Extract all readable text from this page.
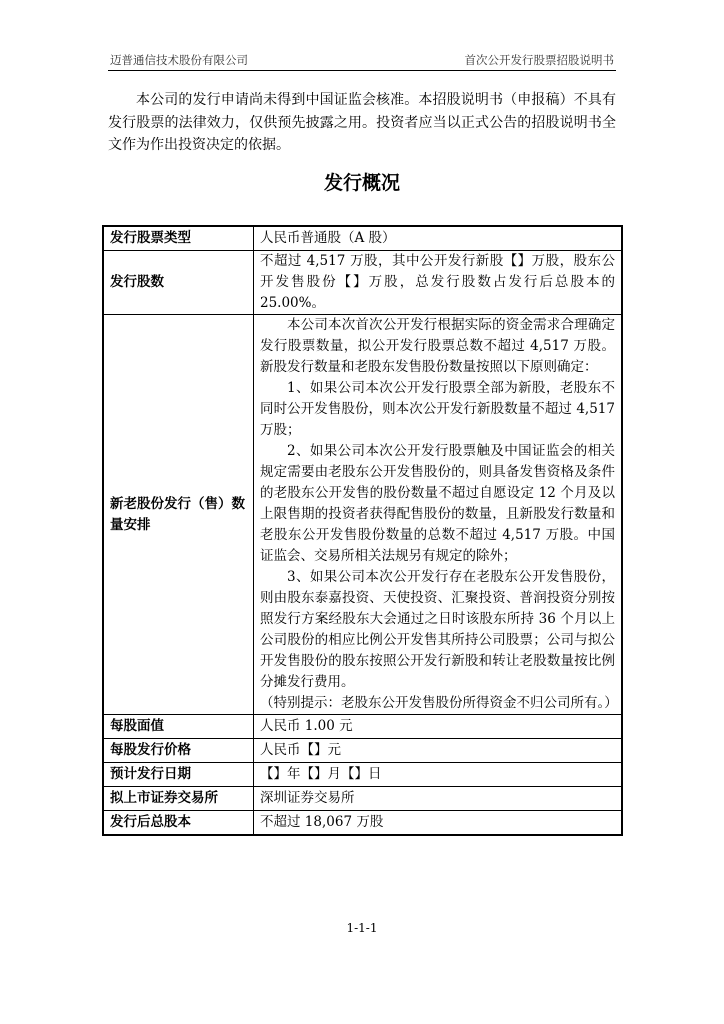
迈普通信技术股份有限公司	首次公开发行股票招股说明书

本公司的发行申请尚未得到中国证监会核准。本招股说明书（申报稿）不具有发行股票的法律效力，仅供预先披露之用。投资者应当以正式公告的招股说明书全文作为作出投资决定的依据。

发行概况
发行股票类型	人民币普通股（A 股）
发行股数	不超过 4,517 万股，其中公开发行新股【】万股，股东公开发售股份【】万股，总发行股数占发行后总股本的 25.00%。
新老股份发行（售）数量安排	本公司本次首次公开发行根据实际的资金需求合理确定发行股票数量，拟公开发行股票总数不超过 4,517 万股。新股发行数量和老股东发售股份数量按照以下原则确定：
1、如果公司本次公开发行股票全部为新股，老股东不同时公开发售股份，则本次公开发行新股数量不超过 4,517 万股；
2、如果公司本次公开发行股票触及中国证监会的相关规定需要由老股东公开发售股份的，则具备发售资格及条件的老股东公开发售的股份数量不超过自愿设定 12 个月及以上限售期的投资者获得配售股份的数量，且新股发行数量和老股东公开发售股份数量的总数不超过 4,517 万股。中国证监会、交易所相关法规另有规定的除外；
3、如果公司本次公开发行存在老股东公开发售股份，则由股东泰嘉投资、天使投资、汇聚投资、普润投资分别按照发行方案经股东大会通过之日时该股东所持 36 个月以上公司股份的相应比例公开发售其所持公司股票；公司与拟公开发售股份的股东按照公开发行新股和转让老股数量按比例分摊发行费用。
（特别提示：老股东公开发售股份所得资金不归公司所有。）

每股面值	人民币 1.00 元
每股发行价格	人民币【】元
预计发行日期	【】年【】月【】日
拟上市证券交易所	深圳证券交易所
发行后总股本	不超过 18,067 万股
1-1-1
